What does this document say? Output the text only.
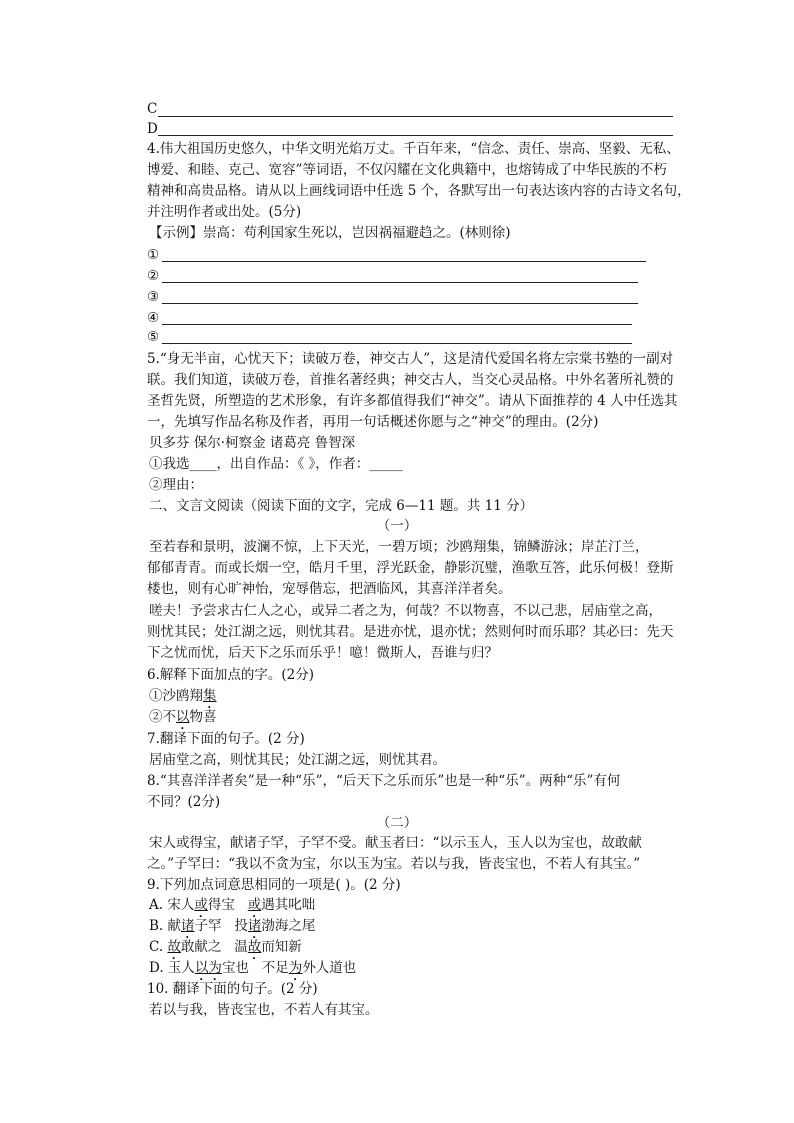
C
D
4.伟大祖国历史悠久，中华文明光焰万丈。千百年来，“信念、责任、崇高、坚毅、无私、
博爱、和睦、克己、宽容”等词语，不仅闪耀在文化典籍中，也熔铸成了中华民族的不朽
精神和高贵品格。请从以上画线词语中任选 5 个，各默写出一句表达该内容的古诗文名句，
并注明作者或出处。(5分)
【示例】崇高：苟利国家生死以，岂因祸福避趋之。(林则徐)
①
②
③
④
⑤
5.“身无半亩，心忧天下；读破万卷，神交古人”，这是清代爱国名将左宗棠书塾的一副对
联。我们知道，读破万卷，首推名著经典；神交古人，当交心灵品格。中外名著所礼赞的
圣哲先贤，所塑造的艺术形象，有许多都值得我们“神交”。请从下面推荐的 4 人中任选其
一，先填写作品名称及作者，再用一句话概述你愿与之“神交”的理由。(2分)
贝多芬 保尔·柯察金 诸葛亮 鲁智深
①我选____，出自作品：《 》，作者：_____
②理由：
二、文言文阅读（阅读下面的文字，完成 6—11 题。共 11 分）
（一）
至若春和景明，波澜不惊，上下天光，一碧万顷；沙鸥翔集，锦鳞游泳；岸芷汀兰，
郁郁青青。而或长烟一空，皓月千里，浮光跃金，静影沉璧，渔歌互答，此乐何极！登斯
楼也，则有心旷神怡，宠辱偕忘，把酒临风，其喜洋洋者矣。
嗟夫！予尝求古仁人之心，或异二者之为，何哉？不以物喜，不以己悲，居庙堂之高，
则忧其民；处江湖之远，则忧其君。是进亦忧，退亦忧；然则何时而乐耶？其必曰：先天
下之忧而忧，后天下之乐而乐乎！噫！微斯人，吾谁与归？
6.解释下面加点的字。(2分)
①沙鸥翔集
②不以物喜
7.翻译下面的句子。(2 分)
居庙堂之高，则忧其民；处江湖之远，则忧其君。
8.“其喜洋洋者矣”是一种“乐”，“后天下之乐而乐”也是一种“乐”。两种“乐”有何
不同？(2分)
（二）
宋人或得宝，献诸子罕，子罕不受。献玉者曰：“以示玉人，玉人以为宝也，故敢献
之。”子罕曰：“我以不贪为宝，尔以玉为宝。若以与我，皆丧宝也，不若人有其宝。”
9.下列加点词意思相同的一项是( )。(2 分)
A. 宋人或得宝   或遇其叱咄
B. 献诸子罕   投诸渤海之尾
C. 故敢献之   温故而知新
D. 玉人以为宝也   不足为外人道也
10. 翻译下面的句子。(2 分)
若以与我，皆丧宝也，不若人有其宝。
